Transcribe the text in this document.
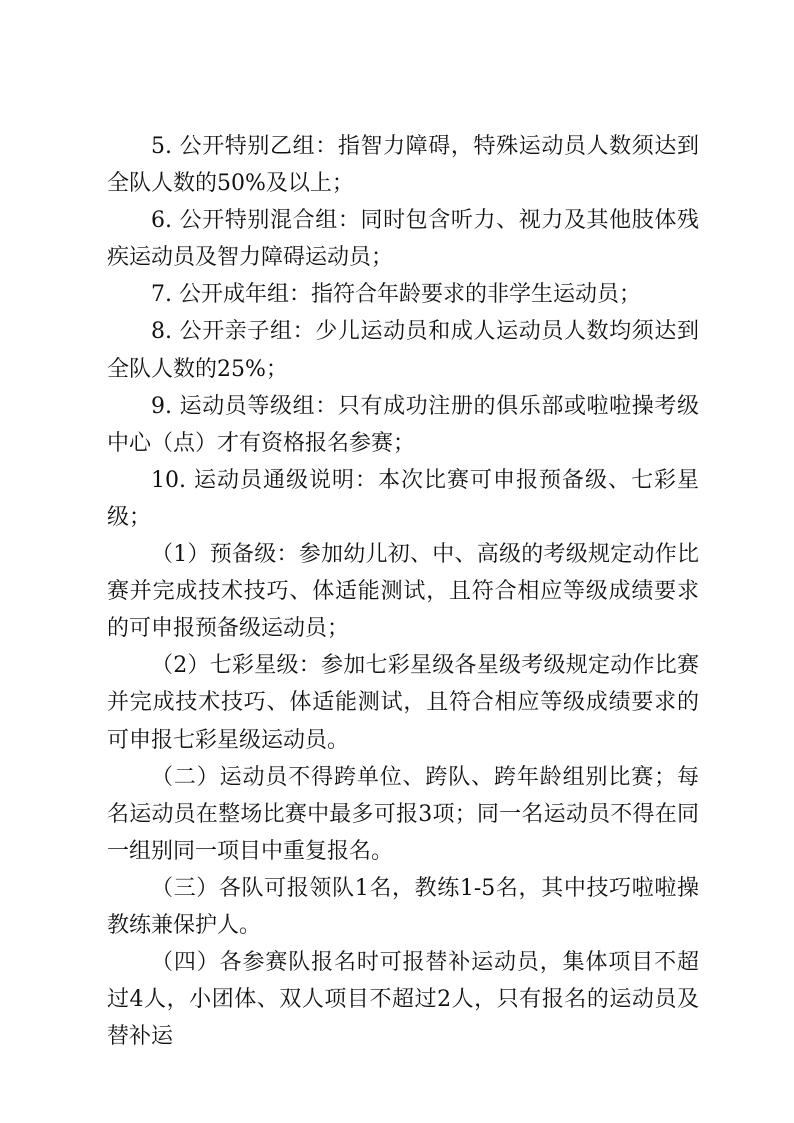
5. 公开特别乙组：指智力障碍，特殊运动员人数须达到全队人数的50%及以上；

6. 公开特别混合组：同时包含听力、视力及其他肢体残疾运动员及智力障碍运动员；

7. 公开成年组：指符合年龄要求的非学生运动员；

8. 公开亲子组：少儿运动员和成人运动员人数均须达到全队人数的25%；

9. 运动员等级组：只有成功注册的俱乐部或啦啦操考级中心（点）才有资格报名参赛；

10. 运动员通级说明：本次比赛可申报预备级、七彩星级；

（1）预备级：参加幼儿初、中、高级的考级规定动作比赛并完成技术技巧、体适能测试，且符合相应等级成绩要求的可申报预备级运动员；

（2）七彩星级：参加七彩星级各星级考级规定动作比赛并完成技术技巧、体适能测试，且符合相应等级成绩要求的可申报七彩星级运动员。

（二）运动员不得跨单位、跨队、跨年龄组别比赛；每名运动员在整场比赛中最多可报3项；同一名运动员不得在同一组别同一项目中重复报名。

（三）各队可报领队1名，教练1-5名，其中技巧啦啦操教练兼保护人。

（四）各参赛队报名时可报替补运动员，集体项目不超过4人，小团体、双人项目不超过2人，只有报名的运动员及替补运
